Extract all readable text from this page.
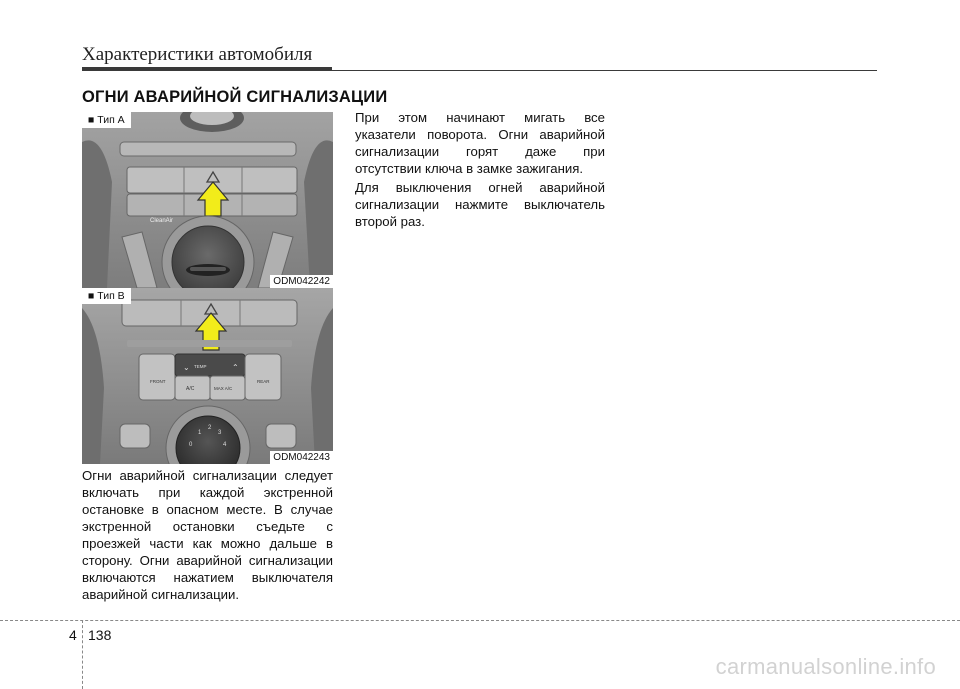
Характеристики автомобиля
ОГНИ АВАРИЙНОЙ СИГНАЛИЗАЦИИ
CleanAir
■ Тип А
ODM042242
FRONT
TEMP
⌄	⌃
A/C	MAX A/C
REAR
1
2
3
4
0
■ Тип В
ODM042243

Огни аварийной сигнализации следует включать при каждой экстренной остановке в опасном месте. В случае экстренной остановки съедьте с проезжей части как можно дальше в сторону. Огни аварийной сигнализации включаются нажатием выключателя аварийной сигнализации.

При этом начинают мигать все указатели поворота. Огни аварийной сигнализации горят даже при отсутствии ключа в замке зажигания.

Для выключения огней аварийной сигнализации нажмите выключатель второй раз.

4 138
carmanualsonline.info
